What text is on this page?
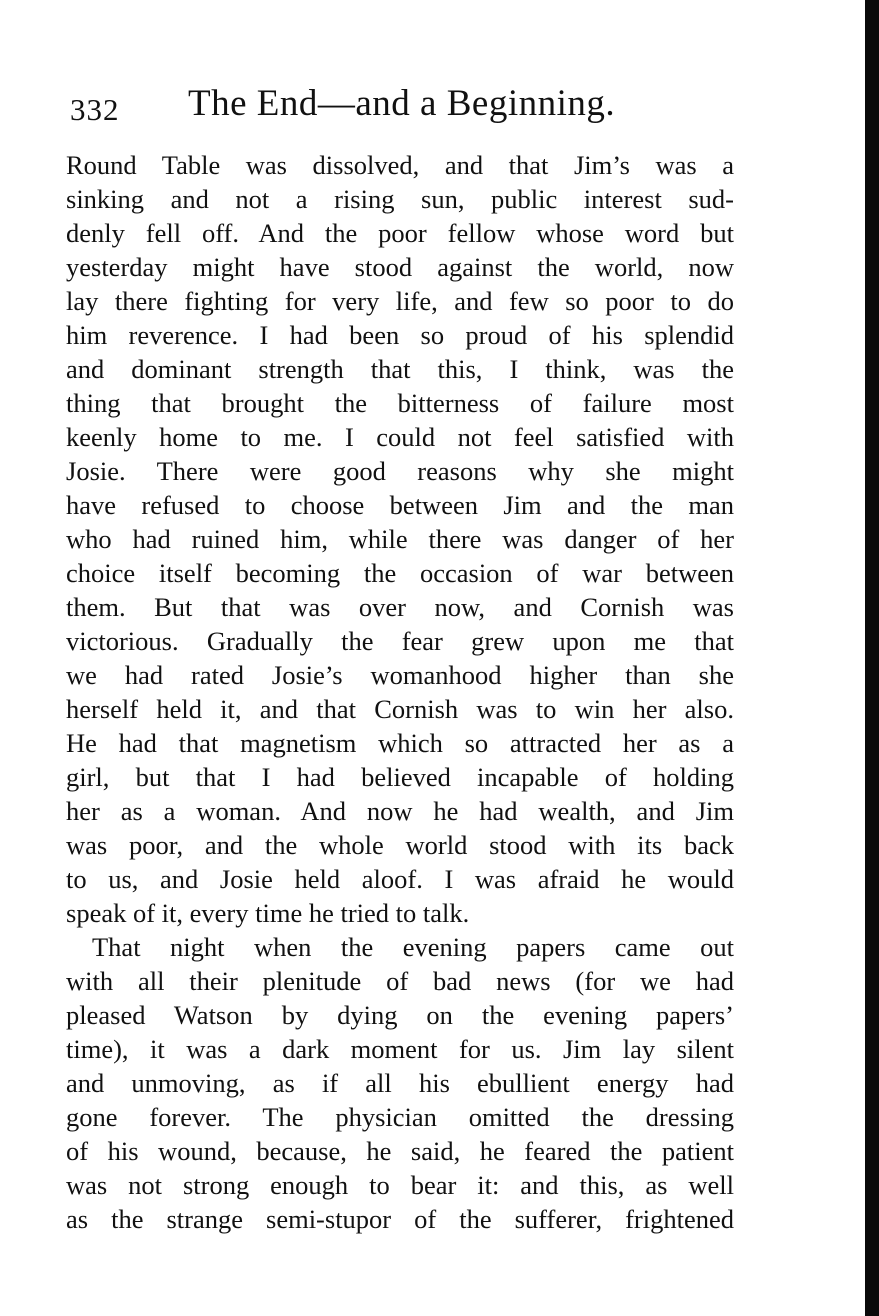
332 The End—and a Beginning.
Round Table was dissolved, and that Jim’s was a
sinking and not a rising sun, public interest sud-
denly fell off. And the poor fellow whose word but
yesterday might have stood against the world, now
lay there fighting for very life, and few so poor to do
him reverence. I had been so proud of his splendid
and dominant strength that this, I think, was the
thing that brought the bitterness of failure most
keenly home to me. I could not feel satisfied with
Josie. There were good reasons why she might
have refused to choose between Jim and the man
who had ruined him, while there was danger of her
choice itself becoming the occasion of war between
them. But that was over now, and Cornish was
victorious. Gradually the fear grew upon me that
we had rated Josie’s womanhood higher than she
herself held it, and that Cornish was to win her also.
He had that magnetism which so attracted her as a
girl, but that I had believed incapable of holding
her as a woman. And now he had wealth, and Jim
was poor, and the whole world stood with its back
to us, and Josie held aloof. I was afraid he would
speak of it, every time he tried to talk.
That night when the evening papers came out
with all their plenitude of bad news (for we had
pleased Watson by dying on the evening papers’
time), it was a dark moment for us. Jim lay silent
and unmoving, as if all his ebullient energy had
gone forever. The physician omitted the dressing
of his wound, because, he said, he feared the patient
was not strong enough to bear it: and this, as well
as the strange semi-stupor of the sufferer, frightened
